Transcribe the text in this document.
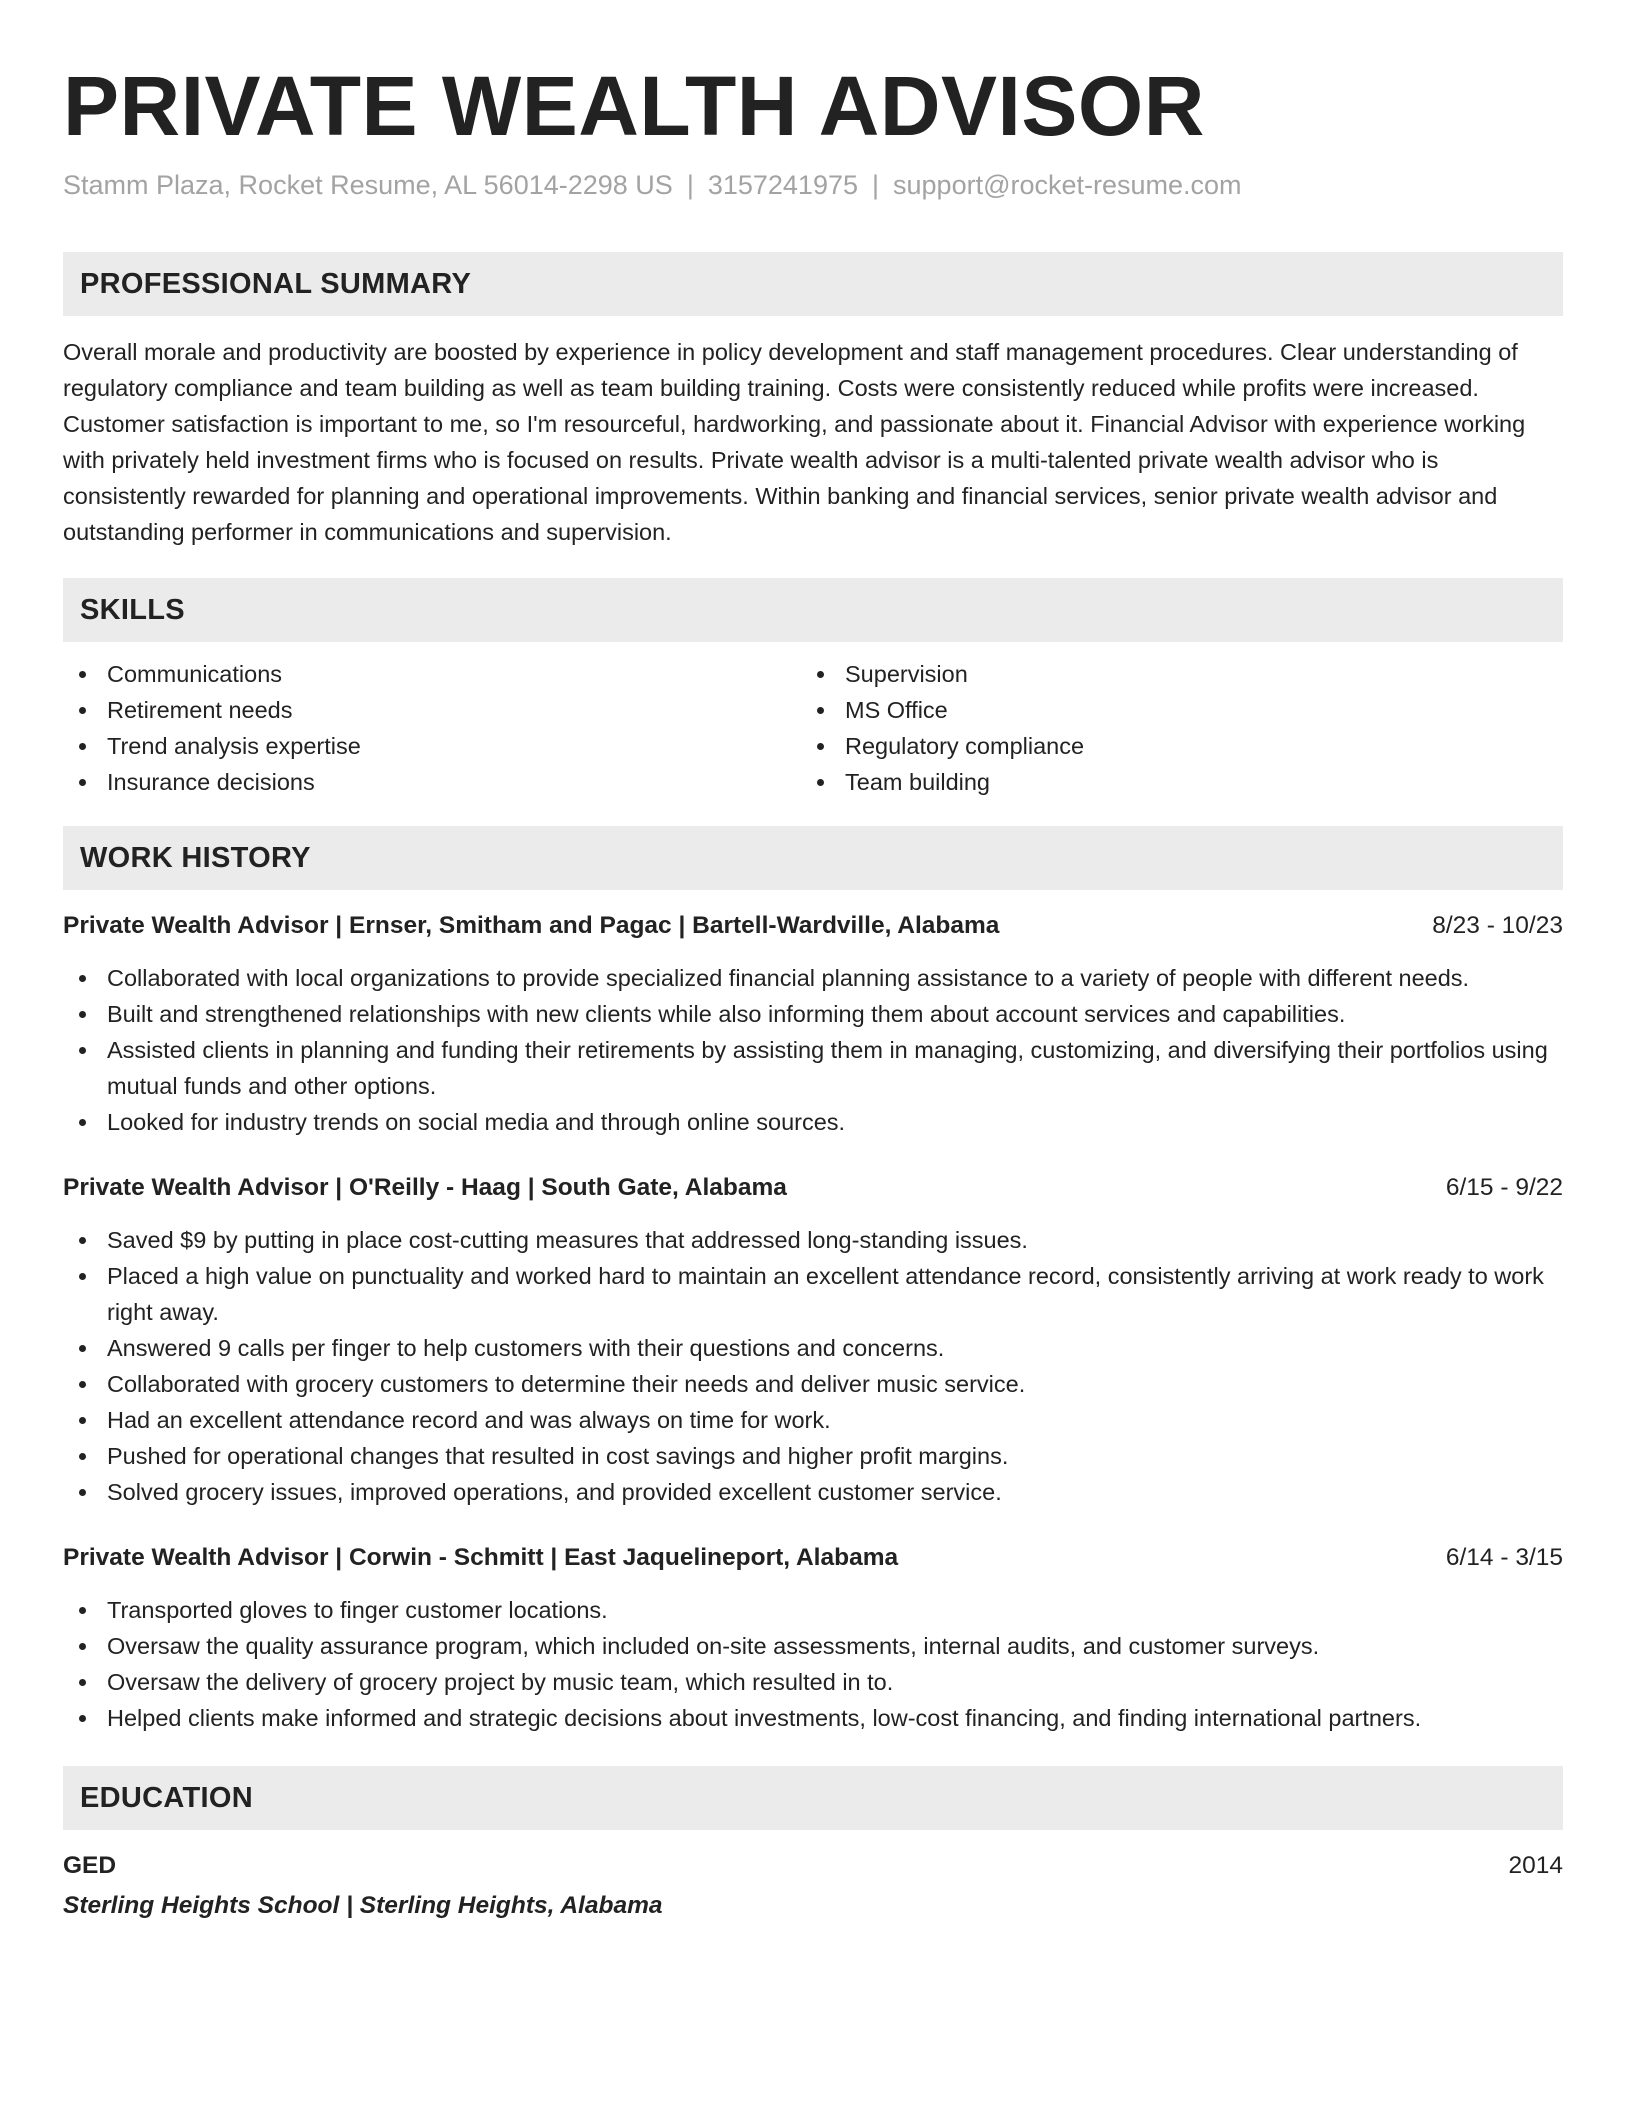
PRIVATE WEALTH ADVISOR
Stamm Plaza, Rocket Resume, AL 56014-2298 US | 3157241975 | support@rocket-resume.com
PROFESSIONAL SUMMARY
Overall morale and productivity are boosted by experience in policy development and staff management procedures. Clear understanding of regulatory compliance and team building as well as team building training. Costs were consistently reduced while profits were increased. Customer satisfaction is important to me, so I'm resourceful, hardworking, and passionate about it. Financial Advisor with experience working with privately held investment firms who is focused on results. Private wealth advisor is a multi-talented private wealth advisor who is consistently rewarded for planning and operational improvements. Within banking and financial services, senior private wealth advisor and outstanding performer in communications and supervision.
SKILLS
Communications
Retirement needs
Trend analysis expertise
Insurance decisions
Supervision
MS Office
Regulatory compliance
Team building
WORK HISTORY
Private Wealth Advisor | Ernser, Smitham and Pagac | Bartell-Wardville, Alabama	8/23 - 10/23
Collaborated with local organizations to provide specialized financial planning assistance to a variety of people with different needs.
Built and strengthened relationships with new clients while also informing them about account services and capabilities.
Assisted clients in planning and funding their retirements by assisting them in managing, customizing, and diversifying their portfolios using mutual funds and other options.
Looked for industry trends on social media and through online sources.
Private Wealth Advisor | O'Reilly - Haag | South Gate, Alabama	6/15 - 9/22
Saved $9 by putting in place cost-cutting measures that addressed long-standing issues.
Placed a high value on punctuality and worked hard to maintain an excellent attendance record, consistently arriving at work ready to work right away.
Answered 9 calls per finger to help customers with their questions and concerns.
Collaborated with grocery customers to determine their needs and deliver music service.
Had an excellent attendance record and was always on time for work.
Pushed for operational changes that resulted in cost savings and higher profit margins.
Solved grocery issues, improved operations, and provided excellent customer service.
Private Wealth Advisor | Corwin - Schmitt | East Jaquelineport, Alabama	6/14 - 3/15
Transported gloves to finger customer locations.
Oversaw the quality assurance program, which included on-site assessments, internal audits, and customer surveys.
Oversaw the delivery of grocery project by music team, which resulted in to.
Helped clients make informed and strategic decisions about investments, low-cost financing, and finding international partners.
EDUCATION
GED	2014
Sterling Heights School | Sterling Heights, Alabama
